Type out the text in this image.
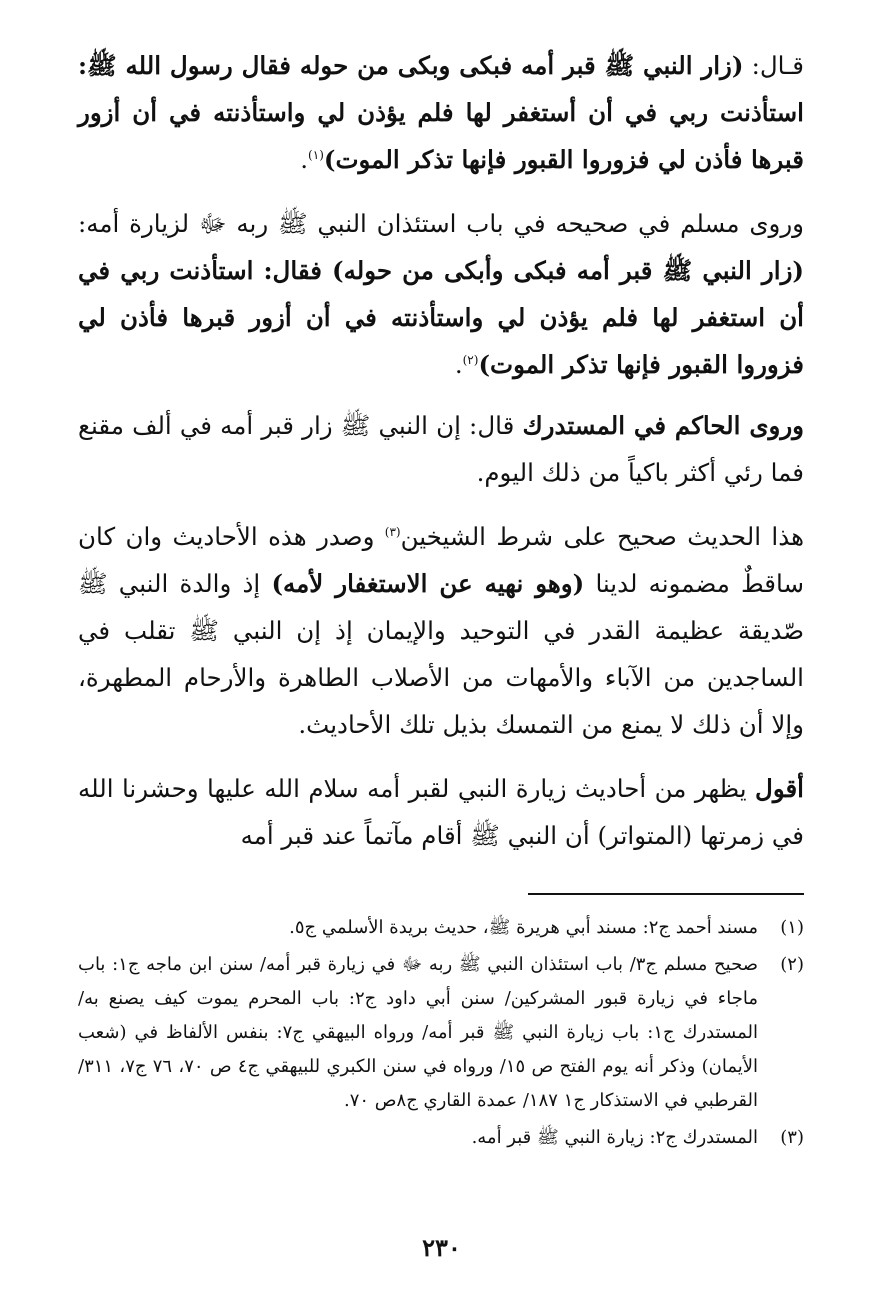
قـال: (زار النبي ﷺ قبر أمه فبكى وبكى من حوله فقال رسول الله ﷺ: استأذنت ربي في أن أستغفر لها فلم يؤذن لي واستأذنته في أن أزور قبرها فأذن لي فزوروا القبور فإنها تذكر الموت)$^{(١)}$.

وروى مسلم في صحيحه في باب استئذان النبي ﷺ ربه ﷻ لزيارة أمه: (زار النبي ﷺ قبر أمه فبكى وأبكى من حوله) فقال: استأذنت ربي في أن استغفر لها فلم يؤذن لي واستأذنته في أن أزور قبرها فأذن لي فزوروا القبور فإنها تذكر الموت)$^{(٢)}$.

وروى الحاكم في المستدرك قال: إن النبي ﷺ زار قبر أمه في ألف مقنع فما رئي أكثر باكياً من ذلك اليوم.

هذا الحديث صحيح على شرط الشيخين$^{(٣)}$ وصدر هذه الأحاديث وان كان ساقطٌ مضمونه لدينا (وهو نهيه عن الاستغفار لأمه) إذ والدة النبي ﷺ صّديقة عظيمة القدر في التوحيد والإيمان إذ إن النبي ﷺ تقلب في الساجدين من الآباء والأمهات من الأصلاب الطاهرة والأرحام المطهرة، وإلا أن ذلك لا يمنع من التمسك بذيل تلك الأحاديث.

أقول يظهر من أحاديث زيارة النبي لقبر أمه سلام الله عليها وحشرنا الله في زمرتها (المتواتر) أن النبي ﷺ أقام مآتماً عند قبر أمه

(١)
مسند أحمد ج٢: مسند أبي هريرة ﷺ، حديث بريدة الأسلمي ج٥.
(٢)
صحيح مسلم ج٣/ باب استئذان النبي ﷺ ربه ﷻ في زيارة قبر أمه/ سنن ابن ماجه ج١: باب ماجاء في زيارة قبور المشركين/ سنن أبي داود ج٢: باب المحرم يموت كيف يصنع به/ المستدرك ج١: باب زيارة النبي ﷺ قبر أمه/ ورواه البيهقي ج٧: بنفس الألفاظ في (شعب الأيمان) وذكر أنه يوم الفتح ص ١٥/ ورواه في سنن الكبري للبيهقي ج٤ ص ٧٠، ٧٦ ج٧، ٣١١/ القرطبي في الاستذكار ج١ ١٨٧/ عمدة القاري ج٨ص ٧٠.
(٣)
المستدرك ج٢: زيارة النبي ﷺ قبر أمه.
٢٣٠
